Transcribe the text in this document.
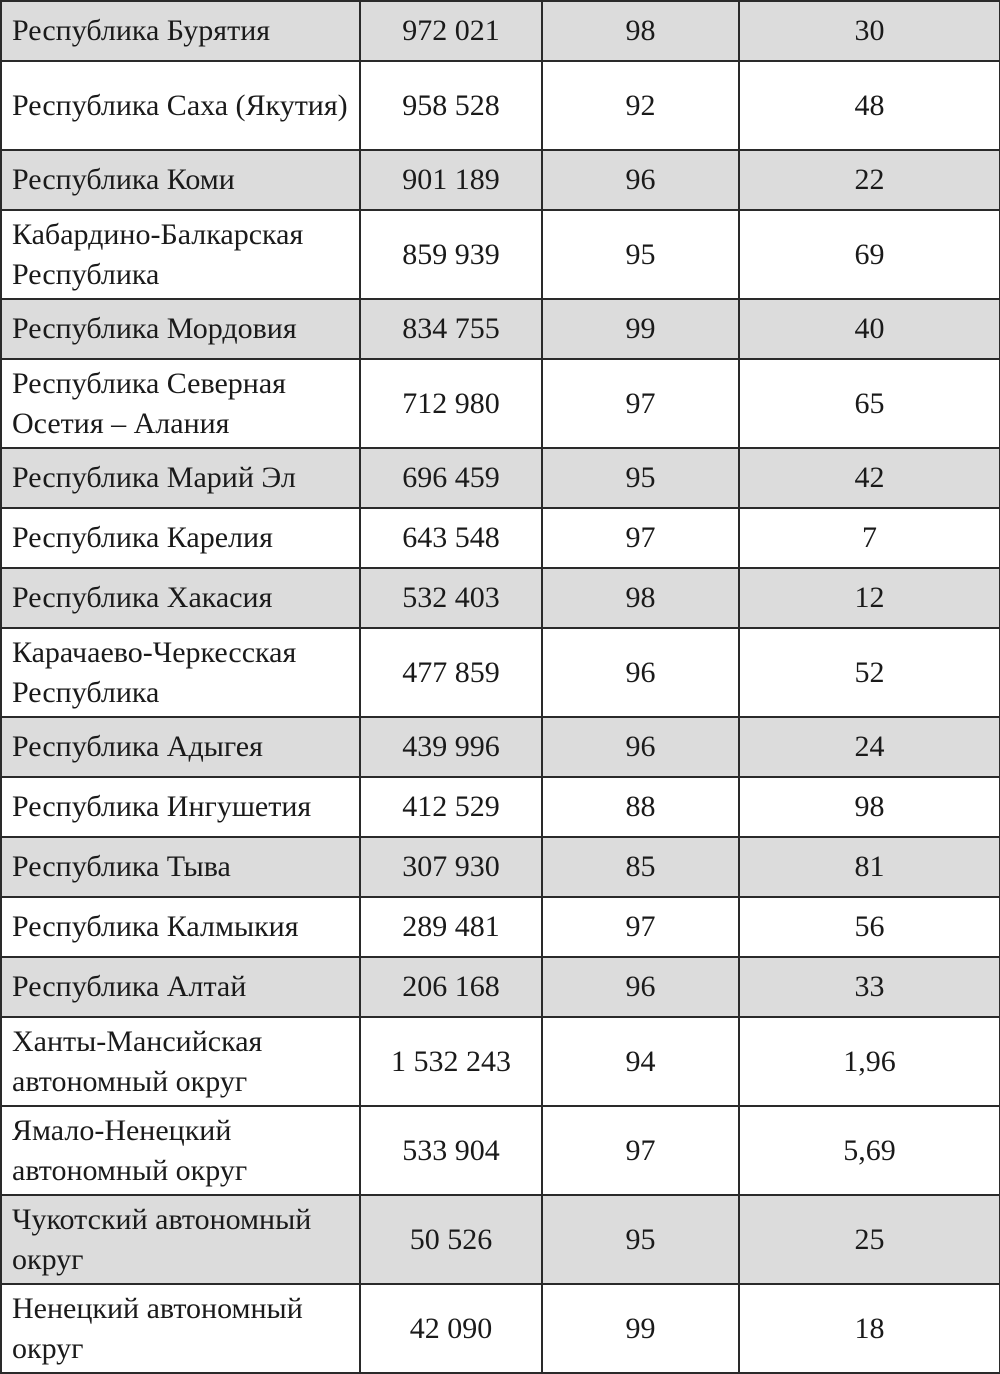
Республика Бурятия	972 021	98	30

Республика Саха (Якутия)	958 528	92	48

Республика Коми	901 189	96	22

Кабардино-Балкарская Республика	859 939	95	69

Республика Мордовия	834 755	99	40

Республика Северная Осетия – Алания	712 980	97	65

Республика Марий Эл	696 459	95	42

Республика Карелия	643 548	97	7

Республика Хакасия	532 403	98	12

Карачаево-Черкесская Республика	477 859	96	52

Республика Адыгея	439 996	96	24

Республика Ингушетия	412 529	88	98

Республика Тыва	307 930	85	81

Республика Калмыкия	289 481	97	56

Республика Алтай	206 168	96	33

Ханты-Мансийская автономный округ	1 532 243	94	1,96

Ямало-Ненецкий автономный округ	533 904	97	5,69

Чукотский автономный округ	50 526	95	25

Ненецкий автономный округ	42 090	99	18
